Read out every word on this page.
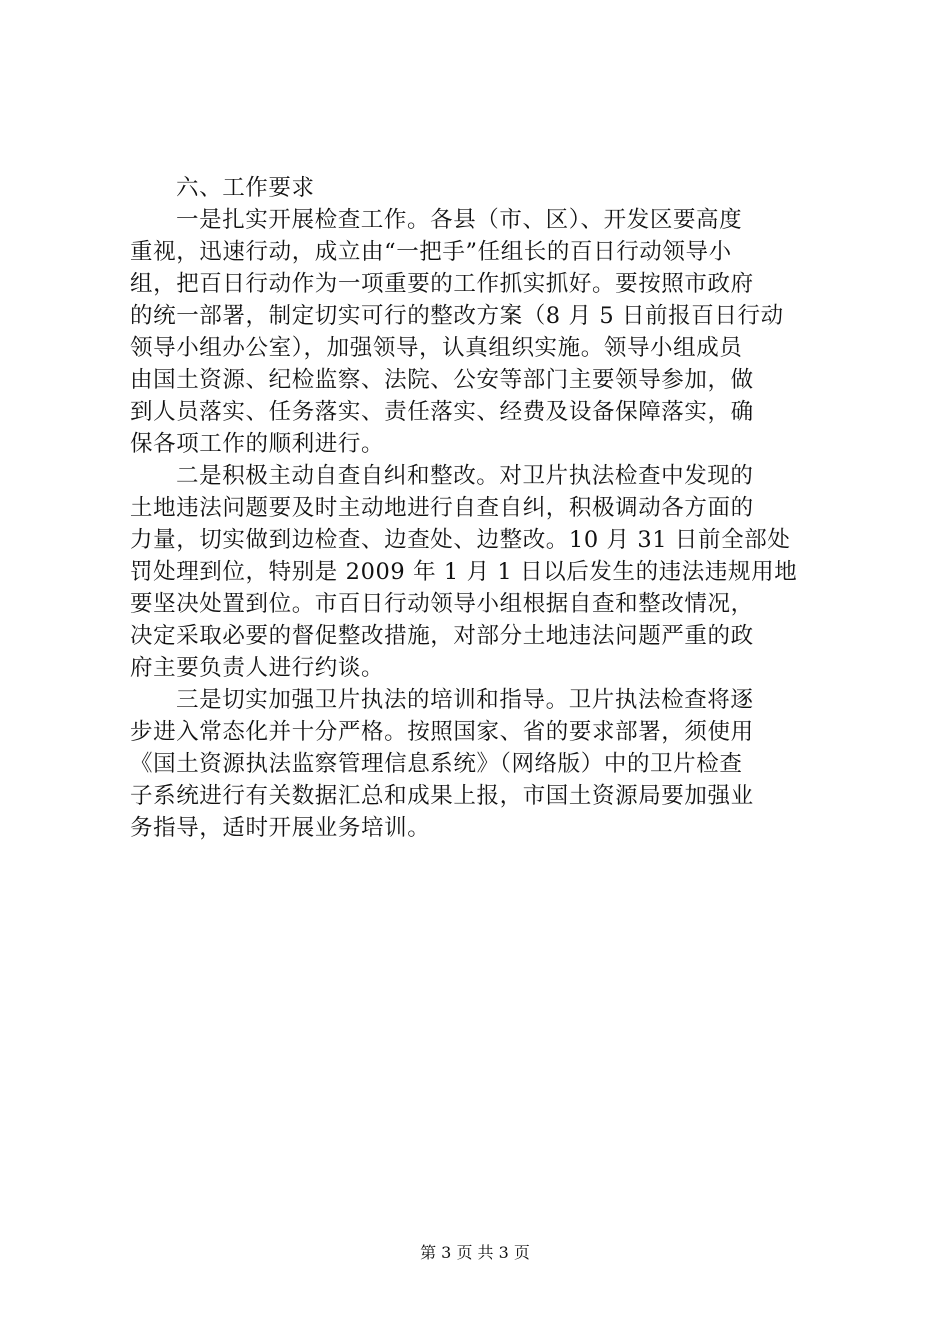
六、工作要求
一是扎实开展检查工作。各县（市、区）、开发区要高度
重视，迅速行动，成立由“一把手”任组长的百日行动领导小
组，把百日行动作为一项重要的工作抓实抓好。要按照市政府
的统一部署，制定切实可行的整改方案（8 月 5 日前报百日行动
领导小组办公室），加强领导，认真组织实施。领导小组成员
由国土资源、纪检监察、法院、公安等部门主要领导参加，做
到人员落实、任务落实、责任落实、经费及设备保障落实，确
保各项工作的顺利进行。
二是积极主动自查自纠和整改。对卫片执法检查中发现的
土地违法问题要及时主动地进行自查自纠，积极调动各方面的
力量，切实做到边检查、边查处、边整改。10 月 31 日前全部处
罚处理到位，特别是 2009 年 1 月 1 日以后发生的违法违规用地
要坚决处置到位。市百日行动领导小组根据自查和整改情况，
决定采取必要的督促整改措施，对部分土地违法问题严重的政
府主要负责人进行约谈。
三是切实加强卫片执法的培训和指导。卫片执法检查将逐
步进入常态化并十分严格。按照国家、省的要求部署，须使用
《国土资源执法监察管理信息系统》（网络版）中的卫片检查
子系统进行有关数据汇总和成果上报，市国土资源局要加强业
务指导，适时开展业务培训。
第 3 页 共 3 页
